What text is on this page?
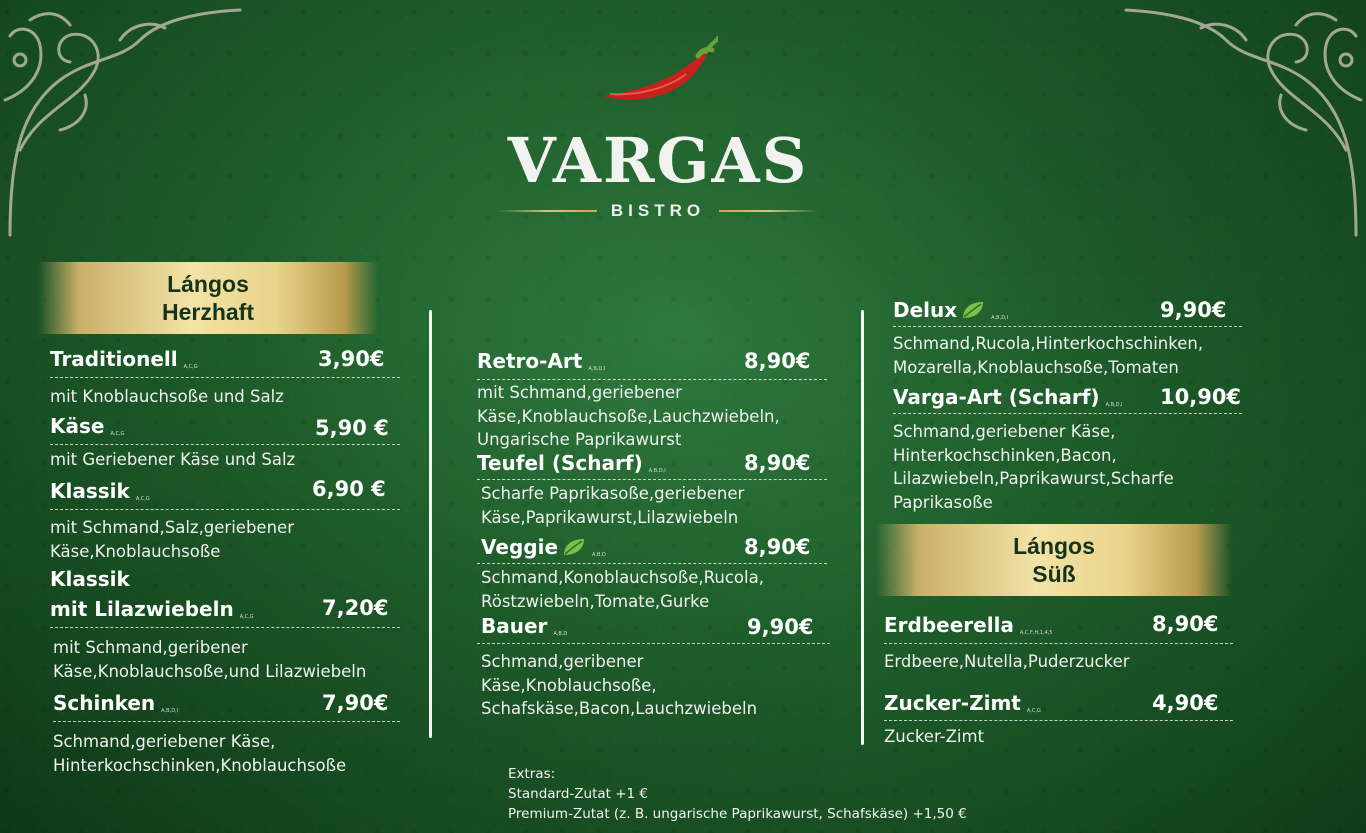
VARGAS
BISTRO
Lángos
Herzhaft
Lángos
Süß
Traditionell A,C,G	3,90€
mit Knoblauchsoße und Salz
Käse A,C,G	5,90 €
mit Geriebener Käse und Salz
Klassik A,C,G	6,90 €
mit Schmand,Salz,geriebener
Käse,Knoblauchsoße
Klassik
mit Lilazwiebeln A,C,G	7,20€
mit Schmand,geribener
Käse,Knoblauchsoße,und Lilazwiebeln
Schinken A,B,D,I	7,90€
Schmand,geriebener Käse,
Hinterkochschinken,Knoblauchsoße
Retro-Art A,B,D,I	8,90€
mit Schmand,geriebener
Käse,Knoblauchsoße,Lauchzwiebeln,
Ungarische Paprikawurst
Teufel (Scharf) A,B,D,I	8,90€
Scharfe Paprikasoße,geriebener
Käse,Paprikawurst,Lilazwiebeln
Veggie	A,B,D	8,90€
Schmand,Konoblauchsoße,Rucola,
Röstzwiebeln,Tomate,Gurke
Bauer A,B,D	9,90€
Schmand,geribener
Käse,Knoblauchsoße,
Schafskäse,Bacon,Lauchzwiebeln
Delux	A,B,D,I	9,90€
Schmand,Rucola,Hinterkochschinken,
Mozarella,Knoblauchsoße,Tomaten
Varga-Art (Scharf) A,B,D,I 10,90€
Schmand,geriebener Käse,
Hinterkochschinken,Bacon,
Lilazwiebeln,Paprikawurst,Scharfe
Paprikasoße
Erdbeerella A,C,F,H,1,4,5	8,90€
Erdbeere,Nutella,Puderzucker
Zucker-Zimt A,C,G	4,90€
Zucker-Zimt
Extras:
Standard-Zutat +1 €
Premium-Zutat (z. B. ungarische Paprikawurst, Schafskäse) +1,50 €
